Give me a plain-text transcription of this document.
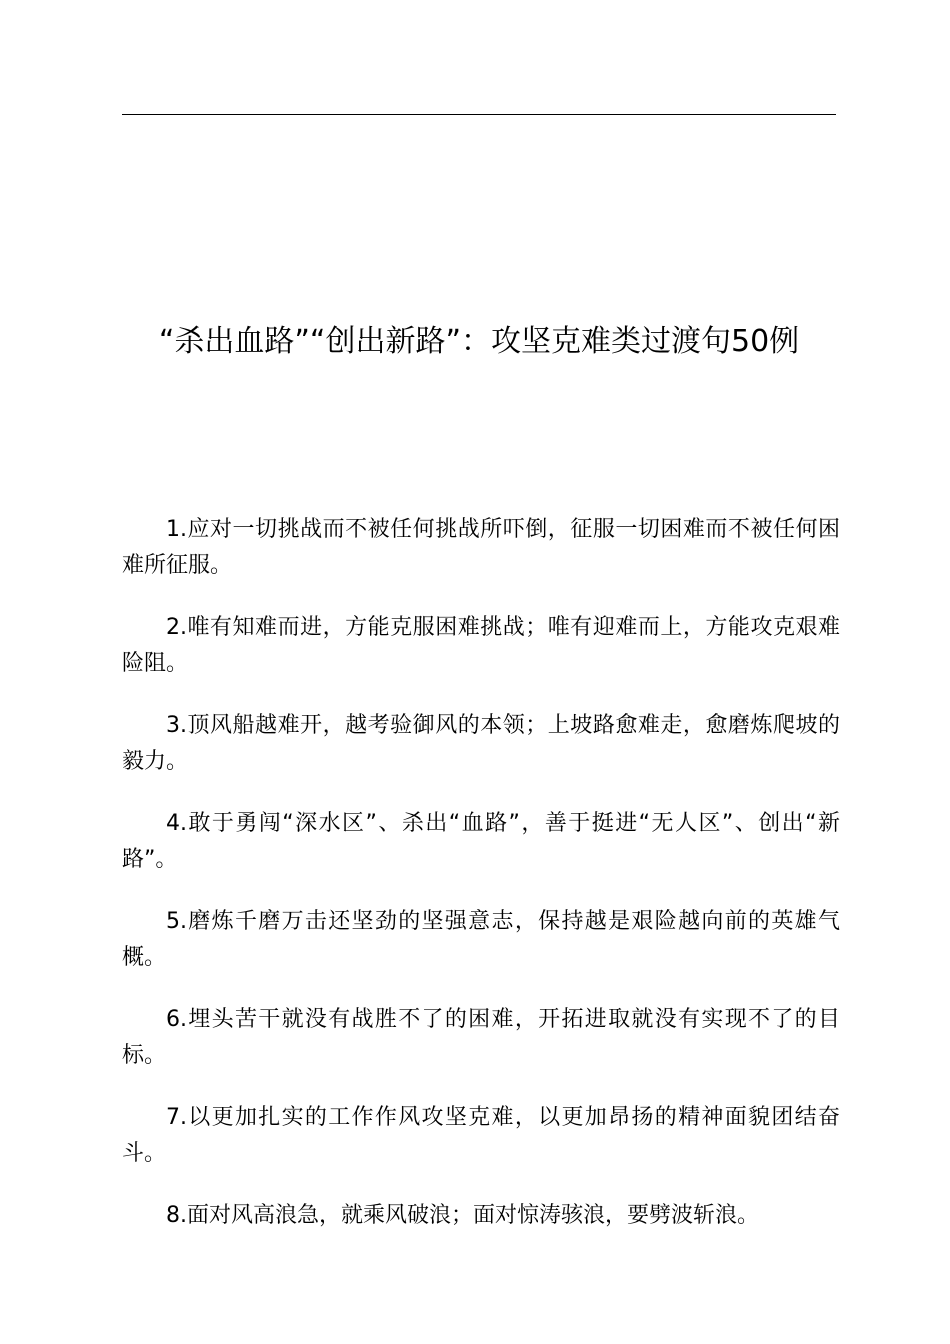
“杀出血路”“创出新路”：攻坚克难类过渡句50例

1.应对一切挑战而不被任何挑战所吓倒，征服一切困难而不被任何困难所征服。

2.唯有知难而进，方能克服困难挑战；唯有迎难而上，方能攻克艰难险阻。

3.顶风船越难开，越考验御风的本领；上坡路愈难走，愈磨炼爬坡的毅力。

4.敢于勇闯“深水区”、杀出“血路”，善于挺进“无人区”、创出“新路”。

5.磨炼千磨万击还坚劲的坚强意志，保持越是艰险越向前的英雄气概。

6.埋头苦干就没有战胜不了的困难，开拓进取就没有实现不了的目标。

7.以更加扎实的工作作风攻坚克难，以更加昂扬的精神面貌团结奋斗。

8.面对风高浪急，就乘风破浪；面对惊涛骇浪，要劈波斩浪。
